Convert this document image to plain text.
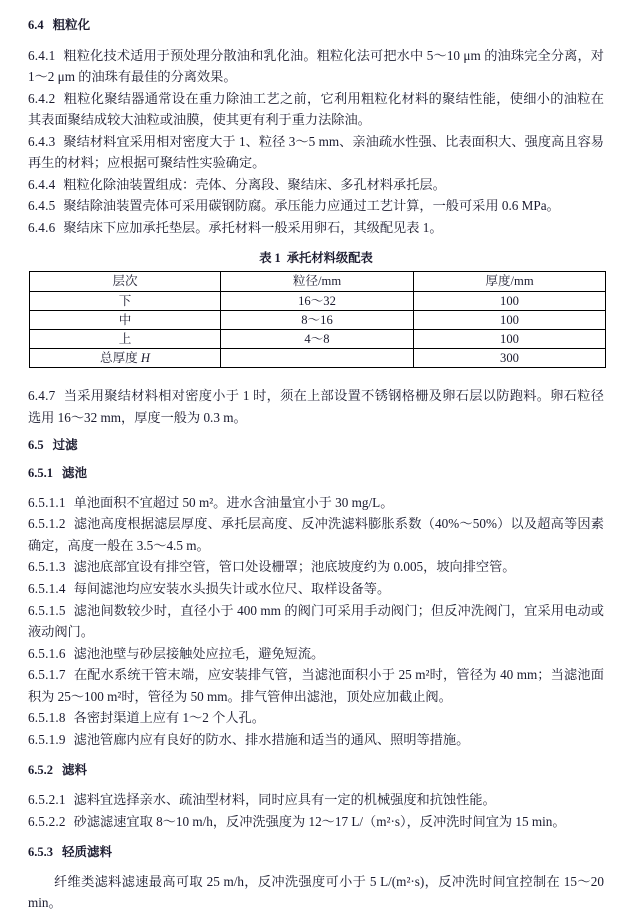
6.4 粗粒化

6.4.1 粗粒化技术适用于预处理分散油和乳化油。粗粒化法可把水中 5～10 μm 的油珠完全分离，对 1～2 μm 的油珠有最佳的分离效果。

6.4.2 粗粒化聚结器通常设在重力除油工艺之前，它利用粗粒化材料的聚结性能，使细小的油粒在其表面聚结成较大油粒或油膜，使其更有利于重力法除油。

6.4.3 聚结材料宜采用相对密度大于 1、粒径 3～5 mm、亲油疏水性强、比表面积大、强度高且容易再生的材料；应根据可聚结性实验确定。

6.4.4 粗粒化除油装置组成：壳体、分离段、聚结床、多孔材料承托层。

6.4.5 聚结除油装置壳体可采用碳钢防腐。承压能力应通过工艺计算，一般可采用 0.6 MPa。

6.4.6 聚结床下应加承托垫层。承托材料一般采用卵石，其级配见表 1。

表 1 承托材料级配表
层次	粒径/mm	厚度/mm
下	16～32	100
中	8～16	100
上	4～8	100
总厚度 H		300

6.4.7 当采用聚结材料相对密度小于 1 时，须在上部设置不锈钢格栅及卵石层以防跑料。卵石粒径选用 16～32 mm，厚度一般为 0.3 m。

6.5 过滤
6.5.1 滤池

6.5.1.1 单池面积不宜超过 50 m²。进水含油量宜小于 30 mg/L。

6.5.1.2 滤池高度根据滤层厚度、承托层高度、反冲洗滤料膨胀系数（40%～50%）以及超高等因素确定，高度一般在 3.5～4.5 m。

6.5.1.3 滤池底部宜设有排空管，管口处设栅罩；池底坡度约为 0.005，坡向排空管。

6.5.1.4 每间滤池均应安装水头损失计或水位尺、取样设备等。

6.5.1.5 滤池间数较少时，直径小于 400 mm 的阀门可采用手动阀门；但反冲洗阀门，宜采用电动或液动阀门。

6.5.1.6 滤池池壁与砂层接触处应拉毛，避免短流。

6.5.1.7 在配水系统干管末端，应安装排气管，当滤池面积小于 25 m²时，管径为 40 mm；当滤池面积为 25～100 m²时，管径为 50 mm。排气管伸出滤池，顶处应加截止阀。

6.5.1.8 各密封渠道上应有 1～2 个人孔。

6.5.1.9 滤池管廊内应有良好的防水、排水措施和适当的通风、照明等措施。

6.5.2 滤料

6.5.2.1 滤料宜选择亲水、疏油型材料，同时应具有一定的机械强度和抗蚀性能。

6.5.2.2 砂滤滤速宜取 8～10 m/h，反冲洗强度为 12～17 L/（m²·s），反冲洗时间宜为 15 min。

6.5.3 轻质滤料

纤维类滤料滤速最高可取 25 m/h，反冲洗强度可小于 5 L/(m²·s)，反冲洗时间宜控制在 15～20 min。
